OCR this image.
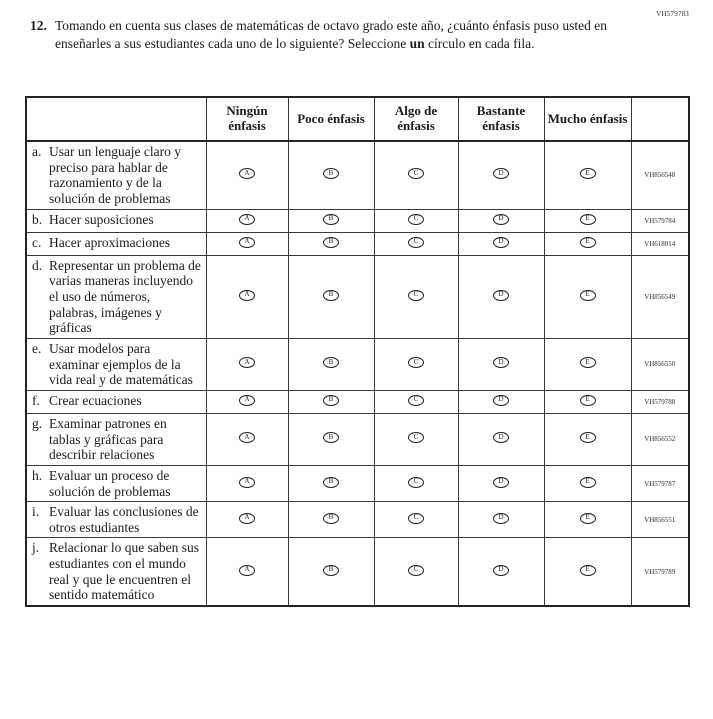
VH579783
12. Tomando en cuenta sus clases de matemáticas de octavo grado este año, ¿cuánto énfasis puso usted en enseñarles a sus estudiantes cada uno de lo siguiente? Seleccione un círculo en cada fila.
	Ningún énfasis	Poco énfasis	Algo de énfasis	Bastante énfasis	Mucho énfasis	

a. Usar un lenguaje claro y preciso para hablar de razonamiento y de la solución de problemas	A	B	C	D	E	VH856548

b. Hacer suposiciones	A	B	C	D	E	VH579784

c. Hacer aproximaciones	A	B	C	D	E	VH618014

d. Representar un problema de varias maneras incluyendo el uso de números, palabras, imágenes y gráficas	A	B	C	D	E	VH856549

e. Usar modelos para examinar ejemplos de la vida real y de matemáticas	A	B	C	D	E	VH856550

f. Crear ecuaciones	A	B	C	D	E	VH579788

g. Examinar patrones en tablas y gráficas para describir relaciones	A	B	C	D	E	VH856552

h. Evaluar un proceso de solución de problemas	A	B	C	D	E	VH579787

i. Evaluar las conclusiones de otros estudiantes	A	B	C	D	E	VH856551

j. Relacionar lo que saben sus estudiantes con el mundo real y que le encuentren el sentido matemático	A	B	C	D	E	VH579789
